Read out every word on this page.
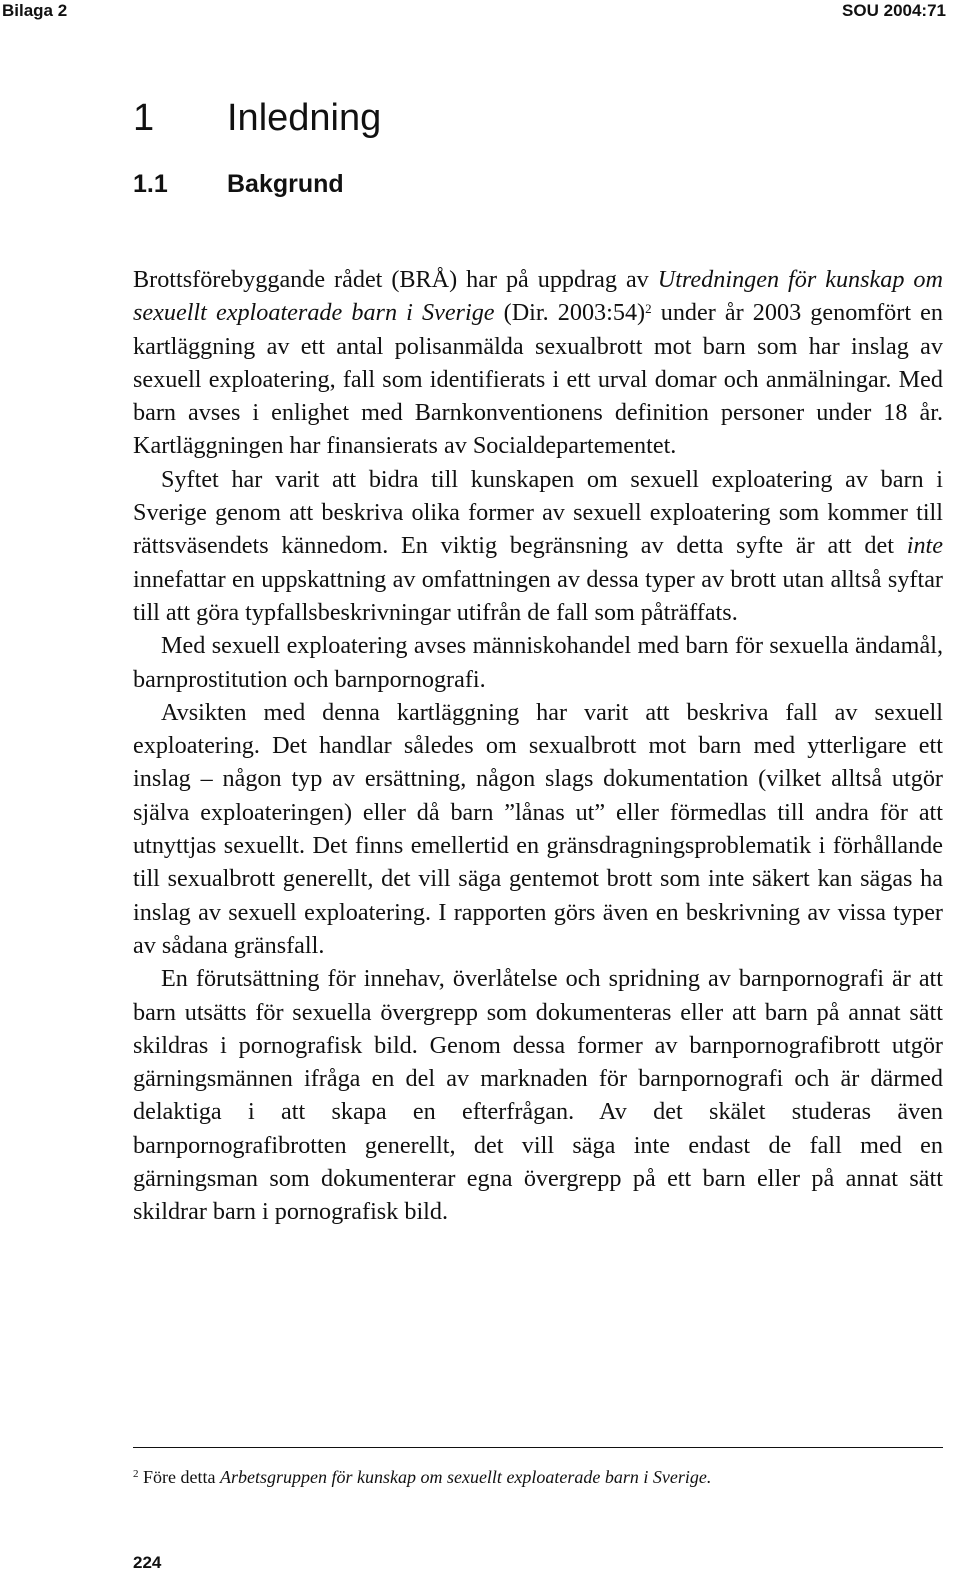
Bilaga 2	SOU 2004:71
1 Inledning
1.1 Bakgrund

Brottsförebyggande rådet (BRÅ) har på uppdrag av Utredningen för kunskap om sexuellt exploaterade barn i Sverige (Dir. 2003:54)$^2$ under år 2003 genomfört en kartläggning av ett antal polisanmälda sexualbrott mot barn som har inslag av sexuell exploatering, fall som identifierats i ett urval domar och anmälningar. Med barn avses i enlighet med Barnkonventionens definition personer under 18 år. Kartläggningen har finansierats av Socialdepartementet.

Syftet har varit att bidra till kunskapen om sexuell exploatering av barn i Sverige genom att beskriva olika former av sexuell exploatering som kommer till rättsväsendets kännedom. En viktig begränsning av detta syfte är att det inte innefattar en uppskattning av omfattningen av dessa typer av brott utan alltså syftar till att göra typfallsbeskrivningar utifrån de fall som påträffats.

Med sexuell exploatering avses människohandel med barn för sexuella ändamål, barnprostitution och barnpornografi.

Avsikten med denna kartläggning har varit att beskriva fall av sexuell exploatering. Det handlar således om sexualbrott mot barn med ytterligare ett inslag – någon typ av ersättning, någon slags dokumentation (vilket alltså utgör själva exploateringen) eller då barn ”lånas ut” eller förmedlas till andra för att utnyttjas sexuellt. Det finns emellertid en gränsdragningsproblematik i förhållande till sexualbrott generellt, det vill säga gentemot brott som inte säkert kan sägas ha inslag av sexuell exploatering. I rapporten görs även en beskrivning av vissa typer av sådana gränsfall.

En förutsättning för innehav, överlåtelse och spridning av barnpornografi är att barn utsätts för sexuella övergrepp som dokumenteras eller att barn på annat sätt skildras i pornografisk bild. Genom dessa former av barnpornografibrott utgör gärningsmännen ifråga en del av marknaden för barnpornografi och är därmed delaktiga i att skapa en efterfrågan. Av det skälet studeras även barnpornografibrotten generellt, det vill säga inte endast de fall med en gärningsman som dokumenterar egna övergrepp på ett barn eller på annat sätt skildrar barn i pornografisk bild.

$^2$ Före detta Arbetsgruppen för kunskap om sexuellt exploaterade barn i Sverige.
224
